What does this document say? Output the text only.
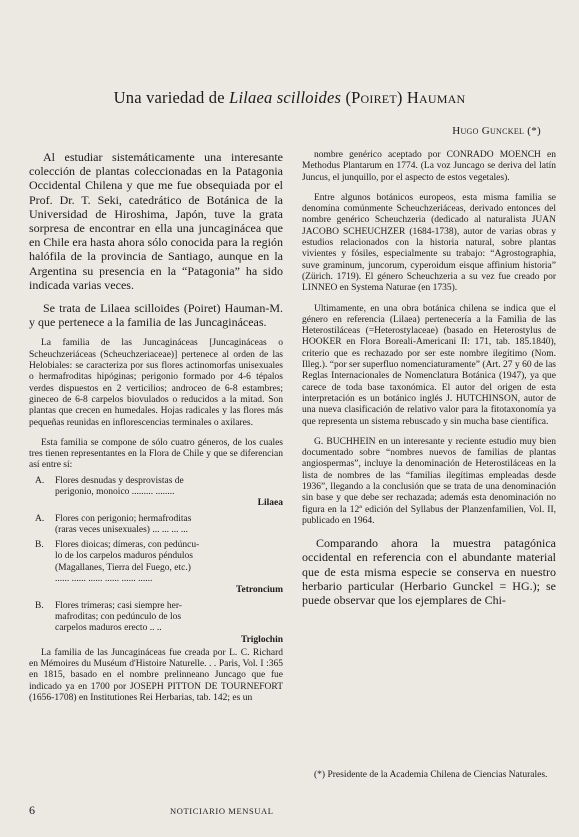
Una variedad de Lilaea scilloides (Poiret) Hauman
Hugo Gunckel (*)

Al estudiar sistemáticamente una interesante colección de plantas coleccionadas en la Patagonia Occidental Chilena y que me fue obsequiada por el Prof. Dr. T. Seki, catedrático de Botánica de la Universidad de Hiroshima, Japón, tuve la grata sorpresa de encontrar en ella una juncaginácea que en Chile era hasta ahora sólo conocida para la región halófila de la provincia de Santiago, aunque en la Argentina su presencia en la “Patagonia” ha sido indicada varias veces.

Se trata de Lilaea scilloides (Poiret) Hauman-M. y que pertenece a la familia de las Juncagináceas.

La familia de las Juncagináceas [Juncagináceas o Scheuchzeriáceas (Scheuchzeriaceae)] pertenece al orden de las Helobiales: se caracteriza por sus flores actinomorfas unisexuales o hermafroditas hipóginas; perigonio formado por 4-6 tépalos verdes dispuestos en 2 verticilios; androceo de 6-8 estambres; gineceo de 6-8 carpelos biovulados o reducidos a la mitad. Son plantas que crecen en humedales. Hojas radicales y las flores más pequeñas reunidas en inflorescencias terminales o axilares.

Esta familia se compone de sólo cuatro géneros, de los cuales tres tienen representantes en la Flora de Chile y que se diferencian así entre sí:

A.	Flores desnudas y desprovistas de
perigonio, monoico ......... ........
Lilaea
A.	Flores con perigonio; hermafroditas
(raras veces unisexuales) ... ... ... ...
B.	Flores dioicas; dímeras, con pedúncu-
lo de los carpelos maduros péndulos
(Magallanes, Tierra del Fuego, etc.)
...... ...... ...... ...... ...... ......
Tetroncium
B.	Flores trímeras; casi siempre her-
mafroditas; con pedúnculo de los
carpelos maduros erecto .. ..
Triglochin

La familia de las Juncagináceas fue creada por L. C. Richard en Mémoires du Muséum d'Histoire Naturelle. . . Paris, Vol. I :365 en 1815, basado en el nombre prelinneano Juncago que fue indicado ya en 1700 por JOSEPH PITTON DE TOURNEFORT (1656-1708) en Institutiones Rei Herbarias, tab. 142; es un

nombre genérico aceptado por CONRADO MOENCH en Methodus Plantarum en 1774. (La voz Juncago se deriva del latín Juncus, el junquillo, por el aspecto de estos vegetales).

Entre algunos botánicos europeos, esta misma familia se denomina comúnmente Scheuchzeriáceas, derivado entonces del nombre genérico Scheuchzeria (dedicado al naturalista JUAN JACOBO SCHEUCHZER (1684-1738), autor de varias obras y estudios relacionados con la historia natural, sobre plantas vivientes y fósiles, especialmente su trabajo: “Agrostographia, suve graminum, juncorum, cyperoidum eisque affinium historia” (Zürich. 1719). El género Scheuchzeria a su vez fue creado por LINNEO en Systema Naturae (en 1735).

Ultimamente, en una obra botánica chilena se indica que el género en referencia (Lilaea) pertenecería a la Familia de las Heterostiláceas (=Heterostylaceae) (basado en Heterostylus de HOOKER en Flora Boreali-Americani II: 171, tab. 185.1840), criterio que es rechazado por ser este nombre ilegítimo (Nom. Illeg.). “por ser superfluo nomenciaturamente” (Art. 27 y 60 de las Reglas Internacionales de Nomenclatura Botánica (1947), ya que carece de toda base taxonómica. El autor del origen de esta interpretación es un botánico inglés J. HUTCHINSON, autor de una nueva clasificación de relativo valor para la fitotaxonomía ya que representa un sistema rebuscado y sin mucha base científica.

G. BUCHHEIN en un interesante y reciente estudio muy bien documentado sobre “nombres nuevos de familias de plantas angiospermas”, incluye la denominación de Heterostiláceas en la lista de nombres de las “familias ilegítimas empleadas desde 1936”, llegando a la conclusión que se trata de una denominación sin base y que debe ser rechazada; además esta denominación no figura en la 12ª edición del Syllabus der Planzenfamilien, Vol. II, publicado en 1964.

Comparando ahora la muestra patagónica occidental en referencia con el abundante material que de esta misma especie se conserva en nuestro herbario particular (Herbario Gunckel = HG.); se puede observar que los ejemplares de Chi-

(*) Presidente de la Academia Chilena de Ciencias Naturales.
6	NOTICIARIO MENSUAL
